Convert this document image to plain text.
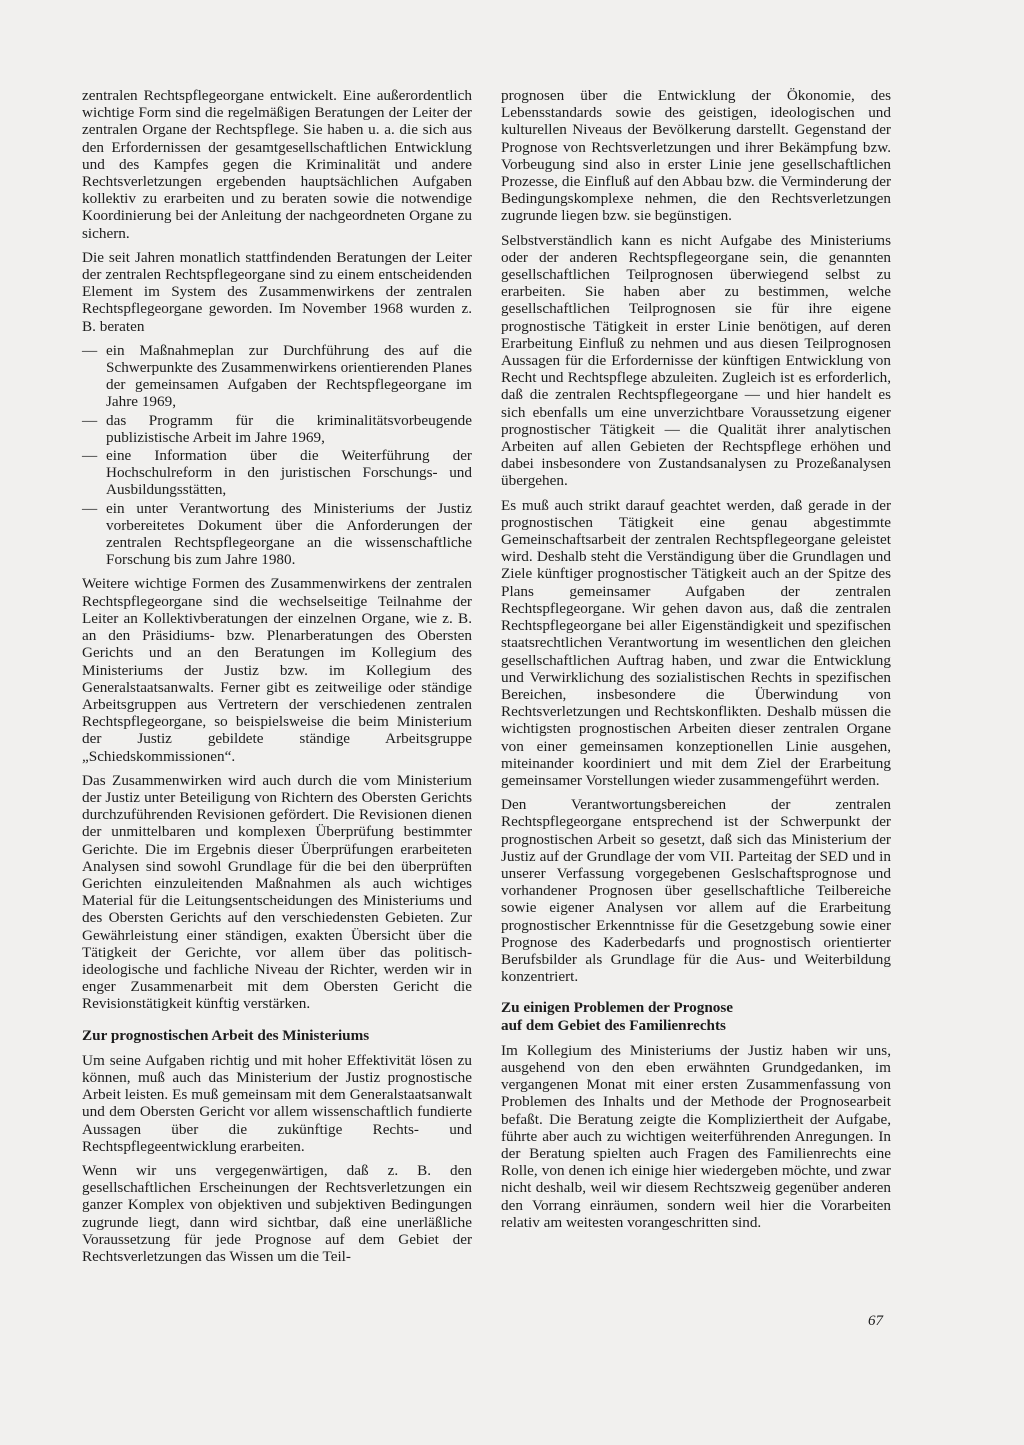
zentralen Rechtspflegeorgane entwickelt. Eine außerordentlich wichtige Form sind die regelmäßigen Beratungen der Leiter der zentralen Organe der Rechtspflege. Sie haben u. a. die sich aus den Erfordernissen der gesamtgesellschaftlichen Entwicklung und des Kampfes gegen die Kriminalität und andere Rechtsverletzungen ergebenden hauptsächlichen Aufgaben kollektiv zu erarbeiten und zu beraten sowie die notwendige Koordinierung bei der Anleitung der nachgeordneten Organe zu sichern.

Die seit Jahren monatlich stattfindenden Beratungen der Leiter der zentralen Rechtspflegeorgane sind zu einem entscheidenden Element im System des Zusammenwirkens der zentralen Rechtspflegeorgane geworden. Im November 1968 wurden z. B. beraten

— ein Maßnahmeplan zur Durchführung des auf die Schwerpunkte des Zusammenwirkens orientierenden Planes der gemeinsamen Aufgaben der Rechtspflegeorgane im Jahre 1969,
— das Programm für die kriminalitätsvorbeugende publizistische Arbeit im Jahre 1969,
— eine Information über die Weiterführung der Hochschulreform in den juristischen Forschungs- und Ausbildungsstätten,
— ein unter Verantwortung des Ministeriums der Justiz vorbereitetes Dokument über die Anforderungen der zentralen Rechtspflegeorgane an die wissenschaftliche Forschung bis zum Jahre 1980.

Weitere wichtige Formen des Zusammenwirkens der zentralen Rechtspflegeorgane sind die wechselseitige Teilnahme der Leiter an Kollektivberatungen der einzelnen Organe, wie z. B. an den Präsidiums- bzw. Plenarberatungen des Obersten Gerichts und an den Beratungen im Kollegium des Ministeriums der Justiz bzw. im Kollegium des Generalstaatsanwalts. Ferner gibt es zeitweilige oder ständige Arbeitsgruppen aus Vertretern der verschiedenen zentralen Rechtspflegeorgane, so beispielsweise die beim Ministerium der Justiz gebildete ständige Arbeitsgruppe „Schiedskommissionen“.

Das Zusammenwirken wird auch durch die vom Ministerium der Justiz unter Beteiligung von Richtern des Obersten Gerichts durchzuführenden Revisionen gefördert. Die Revisionen dienen der unmittelbaren und komplexen Überprüfung bestimmter Gerichte. Die im Ergebnis dieser Überprüfungen erarbeiteten Analysen sind sowohl Grundlage für die bei den überprüften Gerichten einzuleitenden Maßnahmen als auch wichtiges Material für die Leitungsentscheidungen des Ministeriums und des Obersten Gerichts auf den verschiedensten Gebieten. Zur Gewährleistung einer ständigen, exakten Übersicht über die Tätigkeit der Gerichte, vor allem über das politisch-ideologische und fachliche Niveau der Richter, werden wir in enger Zusammenarbeit mit dem Obersten Gericht die Revisionstätigkeit künftig verstärken.

Zur prognostischen Arbeit des Ministeriums

Um seine Aufgaben richtig und mit hoher Effektivität lösen zu können, muß auch das Ministerium der Justiz prognostische Arbeit leisten. Es muß gemeinsam mit dem Generalstaatsanwalt und dem Obersten Gericht vor allem wissenschaftlich fundierte Aussagen über die zukünftige Rechts- und Rechtspflegeentwicklung erarbeiten.

Wenn wir uns vergegenwärtigen, daß z. B. den gesellschaftlichen Erscheinungen der Rechtsverletzungen ein ganzer Komplex von objektiven und subjektiven Bedingungen zugrunde liegt, dann wird sichtbar, daß eine unerläßliche Voraussetzung für jede Prognose auf dem Gebiet der Rechtsverletzungen das Wissen um die Teil-

prognosen über die Entwicklung der Ökonomie, des Lebensstandards sowie des geistigen, ideologischen und kulturellen Niveaus der Bevölkerung darstellt. Gegenstand der Prognose von Rechtsverletzungen und ihrer Bekämpfung bzw. Vorbeugung sind also in erster Linie jene gesellschaftlichen Prozesse, die Einfluß auf den Abbau bzw. die Verminderung der Bedingungskomplexe nehmen, die den Rechtsverletzungen zugrunde liegen bzw. sie begünstigen.

Selbstverständlich kann es nicht Aufgabe des Ministeriums oder der anderen Rechtspflegeorgane sein, die genannten gesellschaftlichen Teilprognosen überwiegend selbst zu erarbeiten. Sie haben aber zu bestimmen, welche gesellschaftlichen Teilprognosen sie für ihre eigene prognostische Tätigkeit in erster Linie benötigen, auf deren Erarbeitung Einfluß zu nehmen und aus diesen Teilprognosen Aussagen für die Erfordernisse der künftigen Entwicklung von Recht und Rechtspflege abzuleiten. Zugleich ist es erforderlich, daß die zentralen Rechtspflegeorgane — und hier handelt es sich ebenfalls um eine unverzichtbare Voraussetzung eigener prognostischer Tätigkeit — die Qualität ihrer analytischen Arbeiten auf allen Gebieten der Rechtspflege erhöhen und dabei insbesondere von Zustandsanalysen zu Prozeßanalysen übergehen.

Es muß auch strikt darauf geachtet werden, daß gerade in der prognostischen Tätigkeit eine genau abgestimmte Gemeinschaftsarbeit der zentralen Rechtspflegeorgane geleistet wird. Deshalb steht die Verständigung über die Grundlagen und Ziele künftiger prognostischer Tätigkeit auch an der Spitze des Plans gemeinsamer Aufgaben der zentralen Rechtspflegeorgane. Wir gehen davon aus, daß die zentralen Rechtspflegeorgane bei aller Eigenständigkeit und spezifischen staatsrechtlichen Verantwortung im wesentlichen den gleichen gesellschaftlichen Auftrag haben, und zwar die Entwicklung und Verwirklichung des sozialistischen Rechts in spezifischen Bereichen, insbesondere die Überwindung von Rechtsverletzungen und Rechtskonflikten. Deshalb müssen die wichtigsten prognostischen Arbeiten dieser zentralen Organe von einer gemeinsamen konzeptionellen Linie ausgehen, miteinander koordiniert und mit dem Ziel der Erarbeitung gemeinsamer Vorstellungen wieder zusammengeführt werden.

Den Verantwortungsbereichen der zentralen Rechtspflegeorgane entsprechend ist der Schwerpunkt der prognostischen Arbeit so gesetzt, daß sich das Ministerium der Justiz auf der Grundlage der vom VII. Parteitag der SED und in unserer Verfassung vorgegebenen Geslschaftsprognose und vorhandener Prognosen über gesellschaftliche Teilbereiche sowie eigener Analysen vor allem auf die Erarbeitung prognostischer Erkenntnisse für die Gesetzgebung sowie einer Prognose des Kaderbedarfs und prognostisch orientierter Berufsbilder als Grundlage für die Aus- und Weiterbildung konzentriert.

Zu einigen Problemen der Prognose
auf dem Gebiet des Familienrechts

Im Kollegium des Ministeriums der Justiz haben wir uns, ausgehend von den eben erwähnten Grundgedanken, im vergangenen Monat mit einer ersten Zusammenfassung von Problemen des Inhalts und der Methode der Prognosearbeit befaßt. Die Beratung zeigte die Kompliziertheit der Aufgabe, führte aber auch zu wichtigen weiterführenden Anregungen. In der Beratung spielten auch Fragen des Familienrechts eine Rolle, von denen ich einige hier wiedergeben möchte, und zwar nicht deshalb, weil wir diesem Rechtszweig gegenüber anderen den Vorrang einräumen, sondern weil hier die Vorarbeiten relativ am weitesten vorangeschritten sind.

67
